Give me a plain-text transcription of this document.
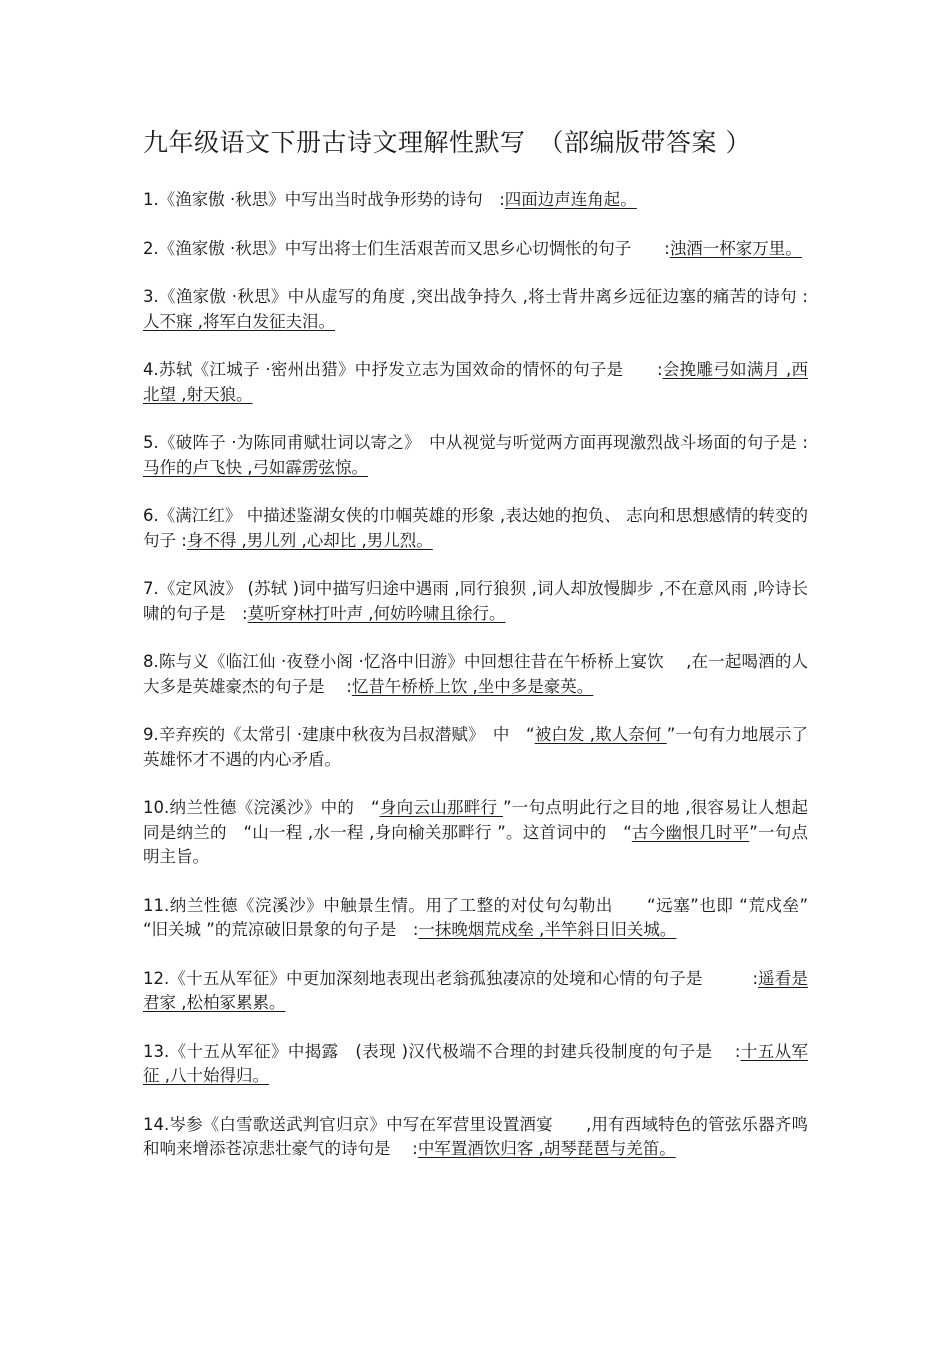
九年级语文下册古诗文理解性默写　（部编版带答案 ）

1.《渔家傲 ·秋思》中写出当时战争形势的诗句　:四面边声连角起。

2.《渔家傲 ·秋思》中写出将士们生活艰苦而又思乡心切惆怅的句子　　:浊酒一杯家万里。

3.《渔家傲 ·秋思》中从虚写的角度 ,突出战争持久 ,将士背井离乡远征边塞的痛苦的诗句 :人不寐 ,将军白发征夫泪。

4.苏轼《江城子 ·密州出猎》中抒发立志为国效命的情怀的句子是　　:会挽雕弓如满月 ,西北望 ,射天狼。

5.《破阵子 ·为陈同甫赋壮词以寄之》　中从视觉与听觉两方面再现激烈战斗场面的句子是 :马作的卢飞快 ,弓如霹雳弦惊。

6.《满江红》 中描述鉴湖女侠的巾帼英雄的形象 ,表达她的抱负、 志向和思想感情的转变的句子 :身不得 ,男儿列 ,心却比 ,男儿烈。

7.《定风波》 (苏轼 )词中描写归途中遇雨 ,同行狼狈 ,词人却放慢脚步 ,不在意风雨 ,吟诗长啸的句子是　:莫听穿林打叶声 ,何妨吟啸且徐行。

8.陈与义《临江仙 ·夜登小阁 ·忆洛中旧游》中回想往昔在午桥桥上宴饮　 ,在一起喝酒的人大多是英雄豪杰的句子是　 :忆昔午桥桥上饮 ,坐中多是豪英。

9.辛弃疾的《太常引 ·建康中秋夜为吕叔潜赋》　中　“被白发 ,欺人奈何 ”一句有力地展示了英雄怀才不遇的内心矛盾。

10.纳兰性德《浣溪沙》中的　“身向云山那畔行 ”一句点明此行之目的地 ,很容易让人想起同是纳兰的　“山一程 ,水一程 ,身向榆关那畔行 ”。这首词中的　“古今幽恨几时平”一句点明主旨。

11.纳兰性德《浣溪沙》中触景生情。用了工整的对仗句勾勒出　　“远塞”也即 “荒戍垒” “旧关城 ”的荒凉破旧景象的句子是　:一抹晚烟荒戍垒 ,半竿斜日旧关城。

12.《十五从军征》中更加深刻地表现出老翁孤独凄凉的处境和心情的句子是　　　:遥看是君家 ,松柏冢累累。

13.《十五从军征》中揭露　(表现 )汉代极端不合理的封建兵役制度的句子是　 :十五从军征 ,八十始得归。

14.岑参《白雪歌送武判官归京》中写在军营里设置酒宴　　,用有西域特色的管弦乐器齐鸣和响来增添苍凉悲壮豪气的诗句是　 :中军置酒饮归客 ,胡琴琵琶与羌笛。
